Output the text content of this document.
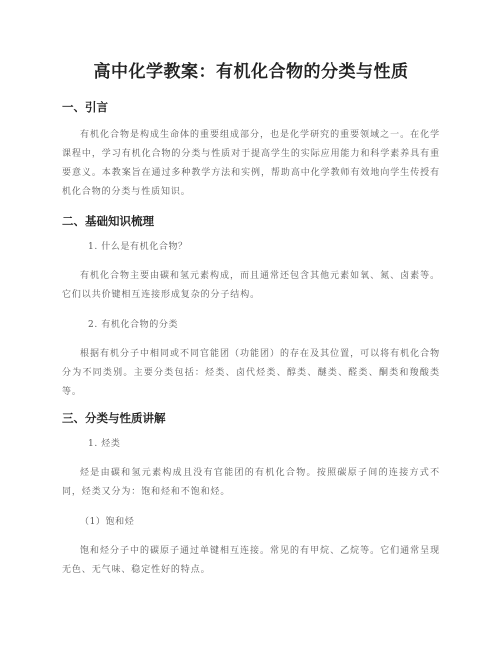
高中化学教案：有机化合物的分类与性质
一、引言

有机化合物是构成生命体的重要组成部分，也是化学研究的重要领域之一。在化学课程中，学习有机化合物的分类与性质对于提高学生的实际应用能力和科学素养具有重要意义。本教案旨在通过多种教学方法和实例，帮助高中化学教师有效地向学生传授有机化合物的分类与性质知识。

二、基础知识梳理

1. 什么是有机化合物？

有机化合物主要由碳和氢元素构成，而且通常还包含其他元素如氧、氮、卤素等。它们以共价键相互连接形成复杂的分子结构。

2. 有机化合物的分类

根据有机分子中相同或不同官能团（功能团）的存在及其位置，可以将有机化合物分为不同类别。主要分类包括：烃类、卤代烃类、醇类、醚类、醛类、酮类和羧酸类等。

三、分类与性质讲解

1. 烃类

烃是由碳和氢元素构成且没有官能团的有机化合物。按照碳原子间的连接方式不同，烃类又分为：饱和烃和不饱和烃。

（1）饱和烃

饱和烃分子中的碳原子通过单键相互连接。常见的有甲烷、乙烷等。它们通常呈现无色、无气味、稳定性好的特点。
